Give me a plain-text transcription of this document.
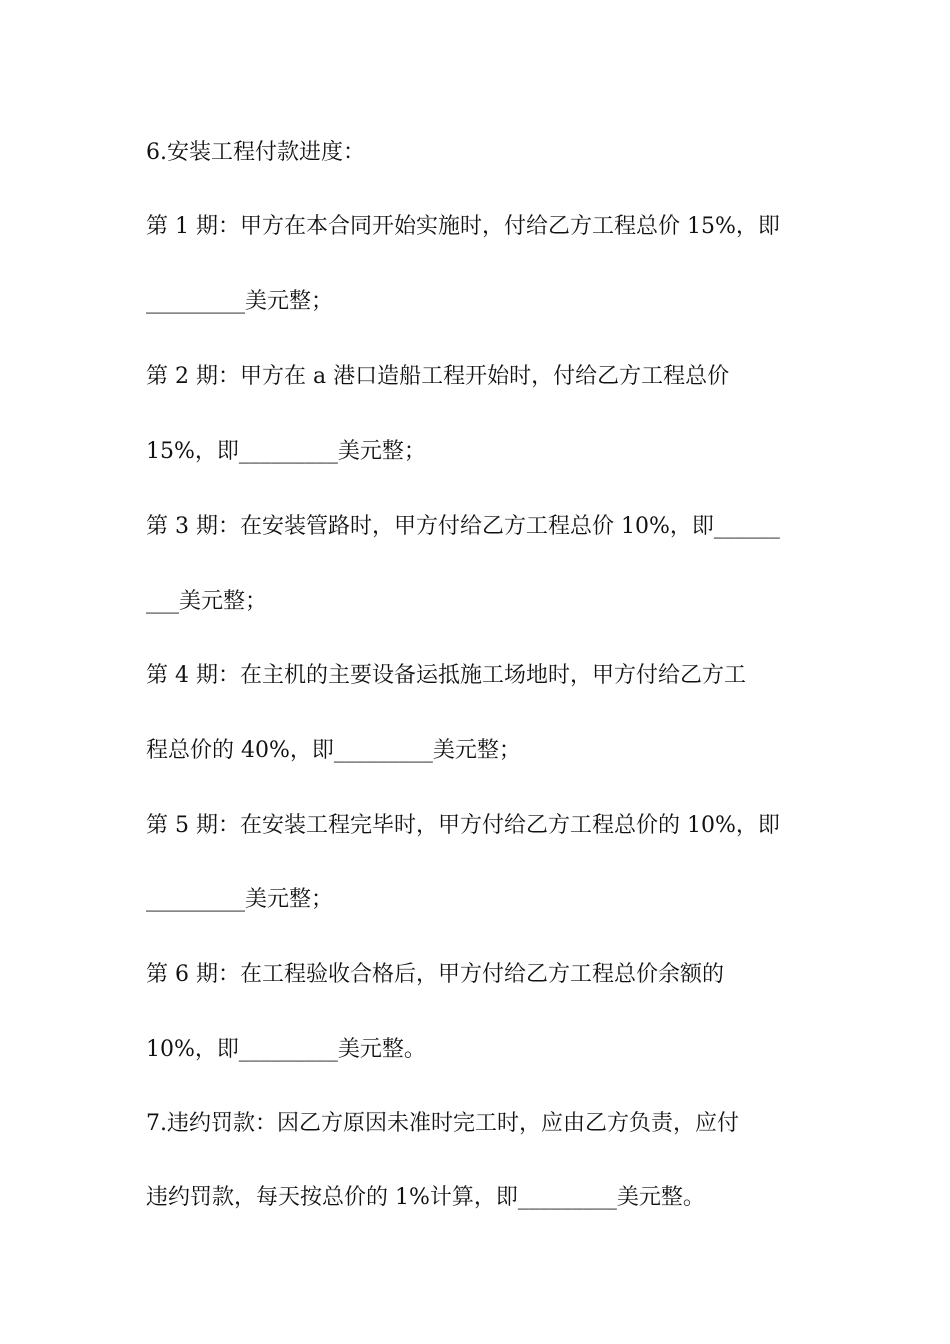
6.安装工程付款进度：
第 1 期：甲方在本合同开始实施时，付给乙方工程总价 15%，即
_________美元整；
第 2 期：甲方在 a 港口造船工程开始时，付给乙方工程总价
15%，即_________美元整；
第 3 期：在安装管路时，甲方付给乙方工程总价 10%，即______
___美元整；
第 4 期：在主机的主要设备运抵施工场地时，甲方付给乙方工
程总价的 40%，即_________美元整；
第 5 期：在安装工程完毕时，甲方付给乙方工程总价的 10%，即
_________美元整；
第 6 期：在工程验收合格后，甲方付给乙方工程总价余额的
10%，即_________美元整。
7.违约罚款：因乙方原因未准时完工时，应由乙方负责，应付
违约罚款，每天按总价的 1%计算，即_________美元整。
